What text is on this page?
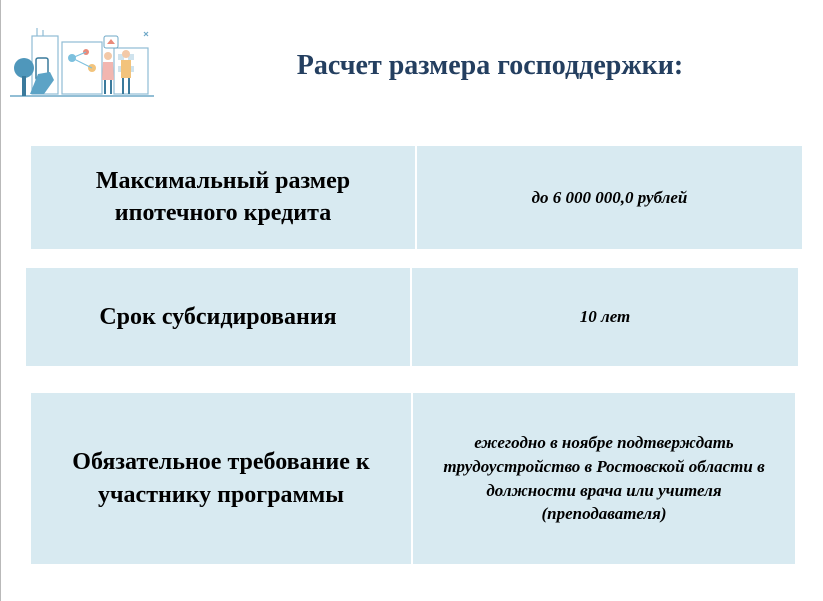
Расчет размера господдержки:
Максимальный размер ипотечного кредита
до 6 000 000,0 рублей
Срок субсидирования	10 лет
Обязательное требование к участнику программы
ежегодно в ноябре подтверждать трудоустройство в Ростовской области в должности врача или учителя (преподавателя)
